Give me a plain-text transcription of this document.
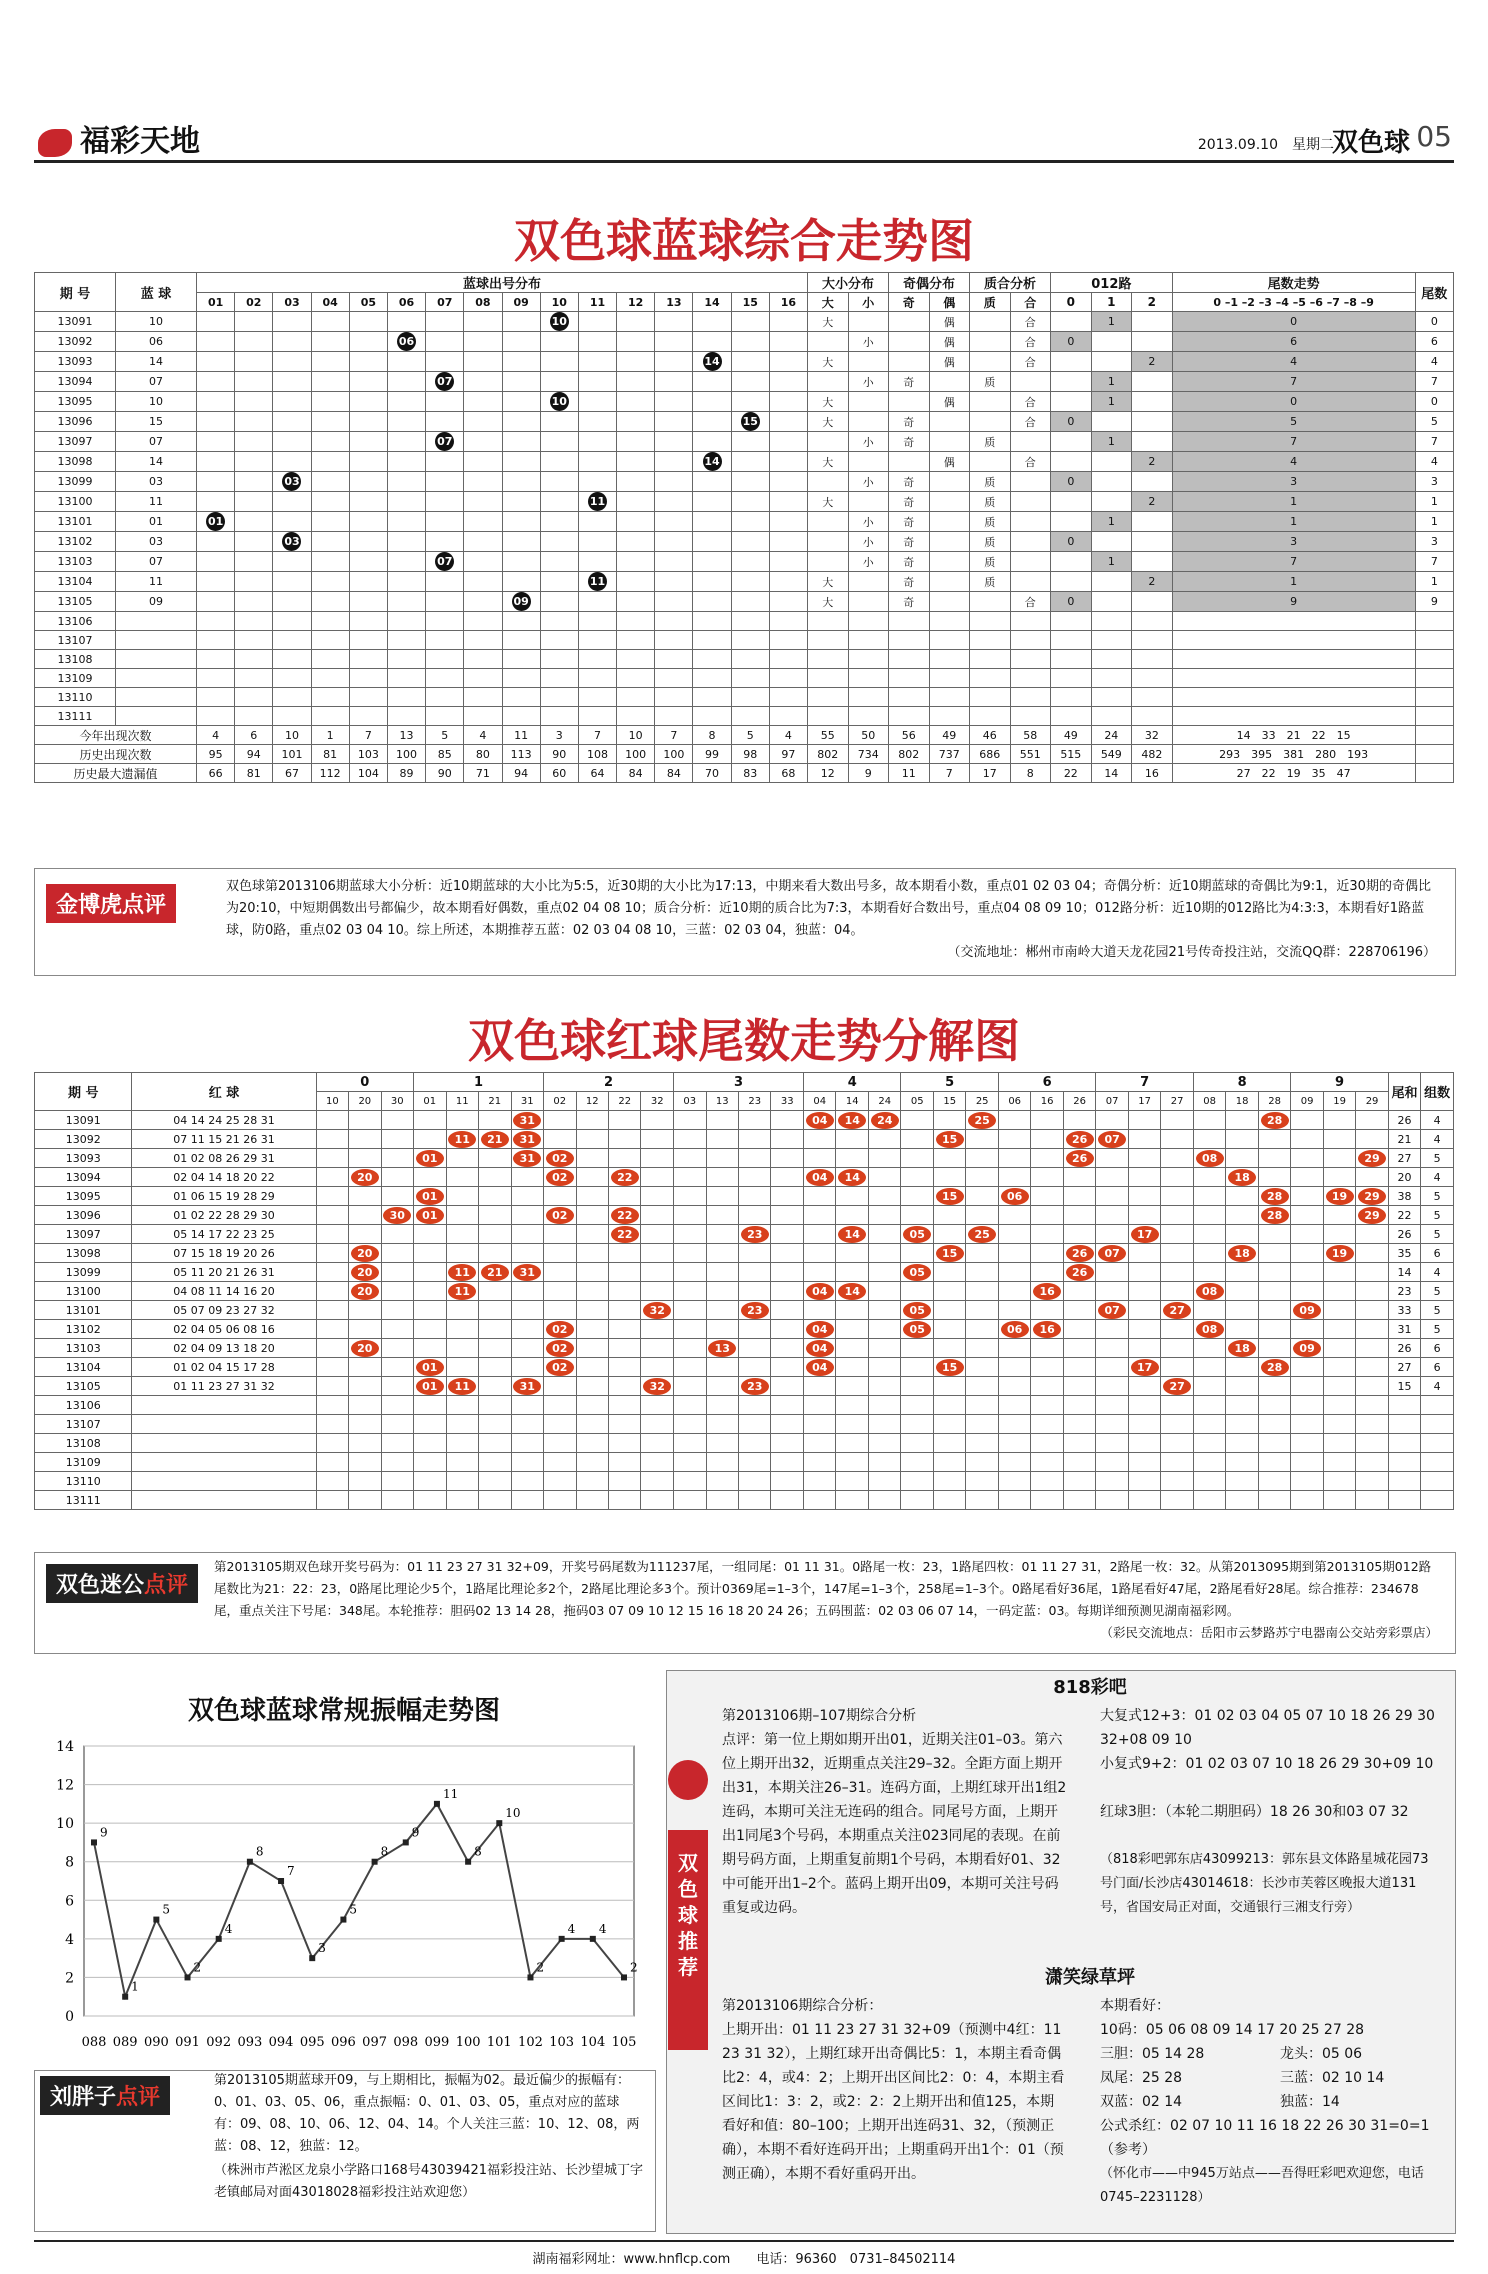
福彩天地	2013.09.10　 星期二
双色球 05
双色球蓝球综合走势图
期 号	蓝 球	蓝球出号分布																大小分布		奇偶分布		质合分析		012路			尾数走势	尾数
		01	02	03	04	05	06	07	08	09	10	11	12	13	14	15	16	大	小	奇	偶	质	合	0	1	2	0 –1 –2 –3 –4 –5 –6 –7 –8 –9	
13091	10										10							大			偶		合		1		0	0
13092	06						06												小		偶		合	0			6	6
13093	14														14			大			偶		合			2	4	4
13094	07							07											小	奇		质			1		7	7
13095	10										10							大			偶		合		1		0	0
13096	15															15		大		奇			合	0			5	5
13097	07							07											小	奇		质			1		7	7
13098	14														14			大			偶		合			2	4	4
13099	03			03															小	奇		质		0			3	3
13100	11											11						大		奇		质				2	1	1
13101	01	01																	小	奇		质			1		1	1
13102	03			03															小	奇		质		0			3	3
13103	07							07											小	奇		质			1		7	7
13104	11											11						大		奇		质				2	1	1
13105	09									09								大		奇			合	0			9	9
13106																												
13107																												
13108																												
13109																												
13110																												
13111																												
今年出现次数		4	6	10	1	7	13	5	4	11	3	7	10	7	8	5	4	55	50	56	49	46	58	49	24	32	14　33　21　22　15	
历史出现次数		95	94	101	81	103	100	85	80	113	90	108	100	100	99	98	97	802	734	802	737	686	551	515	549	482	293　395　381　280　193	
历史最大遗漏值		66	81	67	112	104	89	90	71	94	60	64	84	84	70	83	68	12	9	11	7	17	8	22	14	16	27　22　19　35　47	
金博虎点评
双色球第2013106期蓝球大小分析：近10期蓝球的大小比为5:5，近30期的大小比为17:13，中期来看大数出号多，故本期看小数，重点01 02 03 04；奇偶分析：近10期蓝球的奇偶比为9:1，近30期的奇偶比为20:10，中短期偶数出号都偏少，故本期看好偶数，重点02 04 08 10；质合分析：近10期的质合比为7:3，本期看好合数出号，重点04 08 09 10；012路分析：近10期的012路比为4:3:3，本期看好1路蓝球，防0路，重点02 03 04 10。综上所述，本期推荐五蓝：02 03 04 08 10，三蓝：02 03 04，独蓝：04。

（交流地址：郴州市南岭大道天龙花园21号传奇投注站，交流QQ群：228706196）
双色球红球尾数走势分解图
期 号	红 球	0			1				2				3				4			5			6			7			8			9			尾和	组数
		10	20	30	01	11	21	31	02	12	22	32	03	13	23	33	04	14	24	05	15	25	06	16	26	07	17	27	08	18	28	09	19	29		
13091	04 14 24 25 28 31							31									04	14	24			25									28				26	4
13092	07 11 15 21 26 31					11	21	31													15				26	07									21	4
13093	01 02 08 26 29 31				01			31	02																26				08					29	27	5
13094	02 04 14 18 20 22		20						02		22						04	14												18					20	4
13095	01 06 15 19 28 29				01																15		06								28		19	29	38	5
13096	01 02 22 28 29 30			30	01				02		22																				28			29	22	5
13097	05 14 17 22 23 25										22				23			14		05		25					17								26	5
13098	07 15 18 19 20 26		20																		15				26	07				18			19		35	6
13099	05 11 20 21 26 31		20			11	21	31												05					26										14	4
13100	04 08 11 14 16 20		20			11											04	14						16					08						23	5
13101	05 07 09 23 27 32											32			23					05						07		27				09			33	5
13102	02 04 05 06 08 16								02								04			05			06	16					08						31	5
13103	02 04 09 13 18 20		20						02					13			04													18		09			26	6
13104	01 02 04 15 17 28				01				02								04				15						17				28				27	6
13105	01 11 23 27 31 32				01	11		31				32			23													27							15	4
13106																																				
13107																																				
13108																																				
13109																																				
13110																																				
13111																																				
双色迷公点评
第2013105期双色球开奖号码为：01 11 23 27 31 32+09，开奖号码尾数为111237尾，一组同尾：01 11 31。0路尾一枚：23，1路尾四枚：01 11 27 31，2路尾一枚：32。从第2013095期到第2013105期012路尾数比为21：22：23，0路尾比理论少5个，1路尾比理论多2个，2路尾比理论多3个。预计0369尾=1–3个，147尾=1–3个，258尾=1–3个。0路尾看好36尾，1路尾看好47尾，2路尾看好28尾。综合推荐：234678尾，重点关注下号尾：348尾。本轮推荐：胆码02 13 14 28，拖码03 07 09 10 12 15 16 18 20 24 26；五码围蓝：02 03 06 07 14，一码定蓝：03。每期详细预测见湖南福彩网。
（彩民交流地点：岳阳市云梦路苏宁电器南公交站旁彩票店）
双色球蓝球常规振幅走势图
0
2
4
6
8
10
12
14
088 089 090 091 092 093 094 095 096 097 098 099 100 101 102 103 104 105
9
1
5
2
4
8
7
3
5
8
9
11
8
10
2
4 4
2
刘胖子点评
第2013105期蓝球开09，与上期相比，振幅为02。最近偏少的振幅有：0、01、03、05、06，重点振幅：0、01、03、05，重点对应的蓝球有：09、08、10、06、12、04、14。个人关注三蓝：10、12、08，两蓝：08、12，独蓝：12。
（株洲市芦淞区龙泉小学路口168号43039421福彩投注站、长沙望城丁字老镇邮局对面43018028福彩投注站欢迎您）
双
色
球
推
荐
818彩吧
第2013106期–107期综合分析
点评：第一位上期如期开出01，近期关注01–03。第六位上期开出32，近期重点关注29–32。全距方面上期开出31，本期关注26–31。连码方面，上期红球开出1组2连码，本期可关注无连码的组合。同尾号方面，上期开出1同尾3个号码，本期重点关注023同尾的表现。在前期号码方面，上期重复前期1个号码，本期看好01、32中可能开出1–2个。蓝码上期开出09，本期可关注号码重复或边码。
大复式12+3：01 02 03 04 05 07 10 18 26 29 30 32+08 09 10
小复式9+2：01 02 03 07 10 18 26 29 30+09 10
红球3胆：（本轮二期胆码）18 26 30和03 07 32
（818彩吧郭东店43099213：郭东县文体路星城花园73号门面/长沙店43014618：长沙市芙蓉区晚报大道131号，省国安局正对面，交通银行三湘支行旁）
潇笑绿草坪
第2013106期综合分析：
上期开出：01 11 23 27 31 32+09（预测中4红：11 23 31 32），上期红球开出奇偶比5：1，本期主看奇偶比2：4，或4：2；上期开出区间比2：0：4，本期主看区间比1：3：2，或2：2：2上期开出和值125，本期看好和值：80–100；上期开出连码31、32，（预测正确），本期不看好连码开出；上期重码开出1个：01（预测正确），本期不看好重码开出。
本期看好：
10码：05 06 08 09 14 17 20 25 27 28
三胆：05 14 28	龙头：05 06
凤尾：25 28	三蓝：02 10 14
双蓝：02 14	独蓝：14
公式杀红：02 07 10 11 16 18 22 26 30 31=0=1（参考）
（怀化市——中945万站点——吾得旺彩吧欢迎您，电话0745–2231128）
湖南福彩网址：www.hnflcp.com　　电话：96360　0731–84502114
